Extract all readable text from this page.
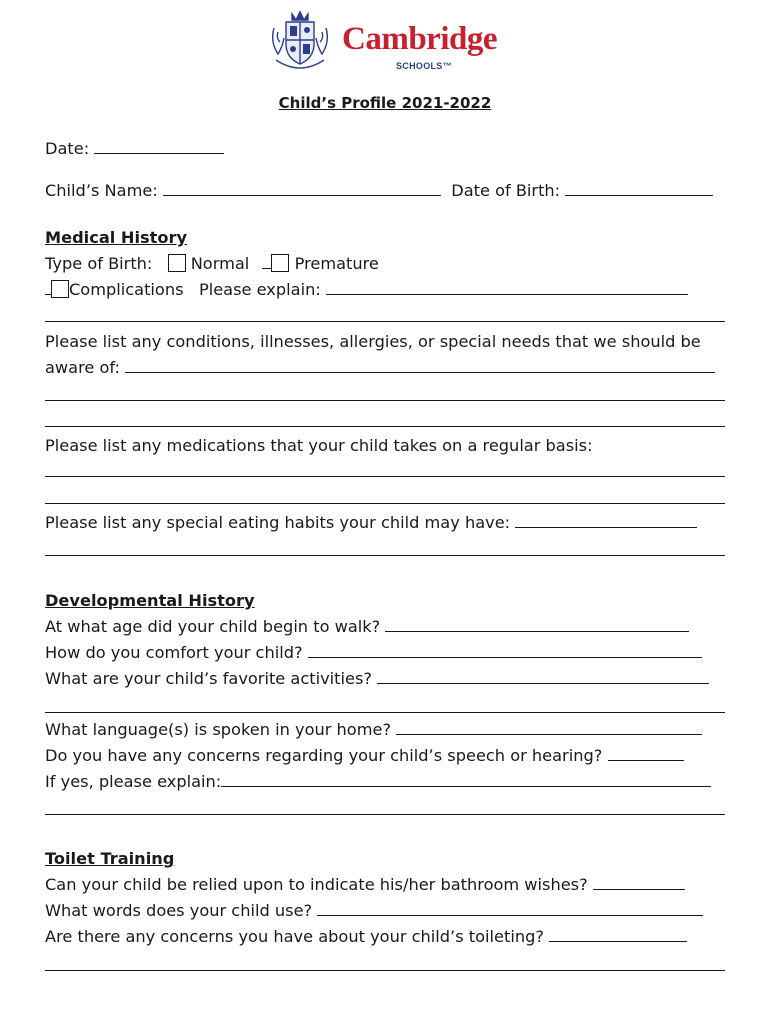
Cambridge
SCHOOLS™
Child’s Profile 2021-2022
Date:
Child’s Name:	Date of Birth:
Medical History
Type of Birth: Normal	Premature
Complications Please explain:
Please list any conditions, illnesses, allergies, or special needs that we should be
aware of:
Please list any medications that your child takes on a regular basis:
Please list any special eating habits your child may have:
Developmental History
At what age did your child begin to walk?
How do you comfort your child?
What are your child’s favorite activities?
What language(s) is spoken in your home?
Do you have any concerns regarding your child’s speech or hearing?
If yes, please explain:
Toilet Training
Can your child be relied upon to indicate his/her bathroom wishes?
What words does your child use?
Are there any concerns you have about your child’s toileting?
